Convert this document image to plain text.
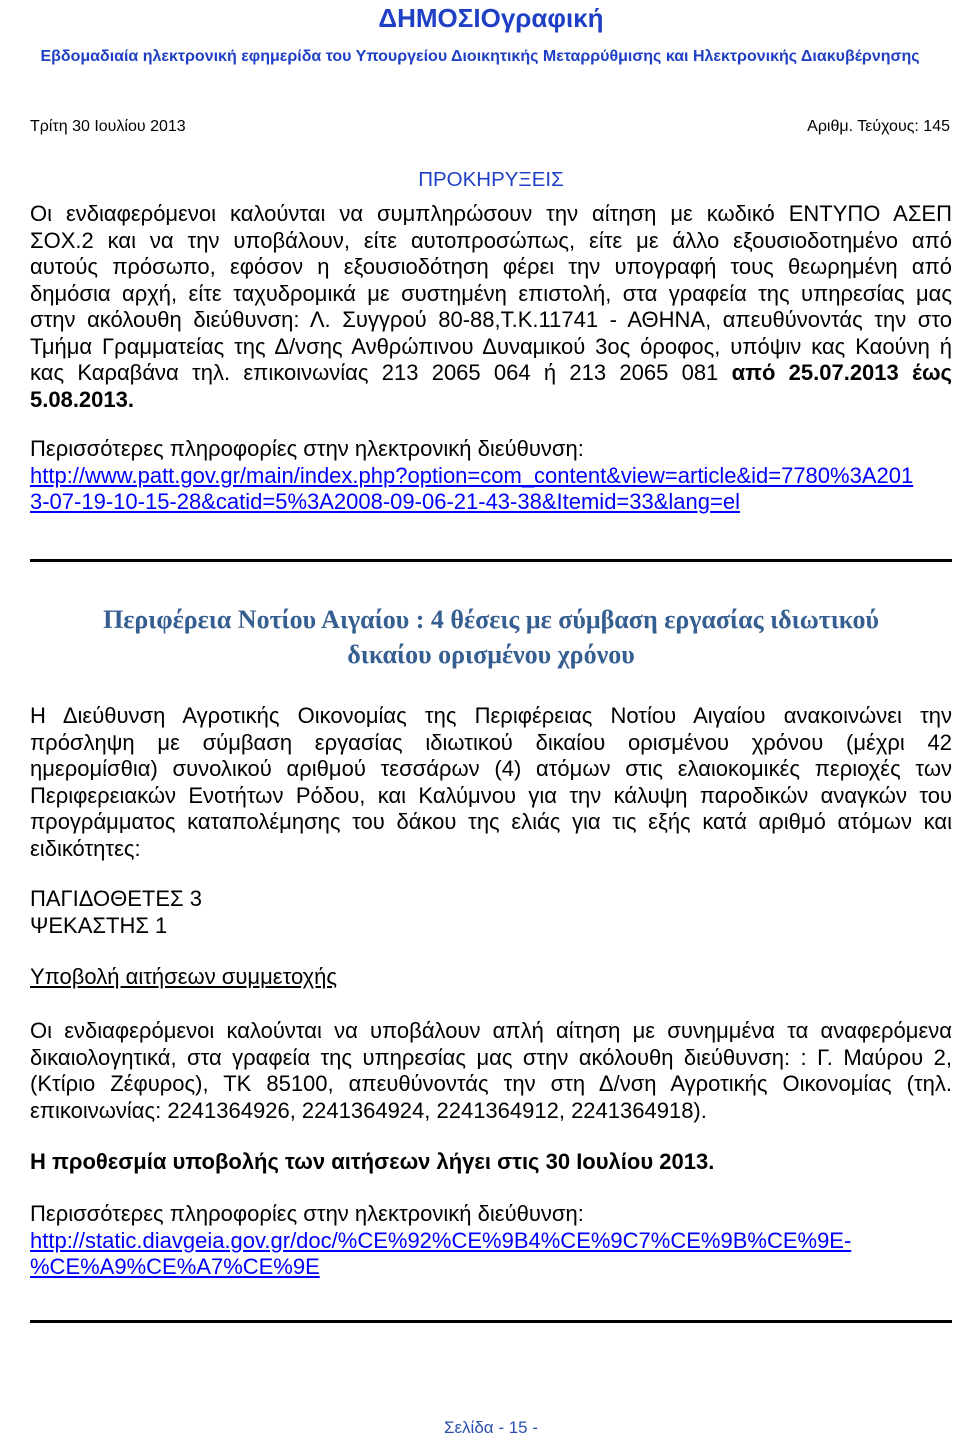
ΔΗΜΟΣΙΟγραφική
Εβδομαδιαία ηλεκτρονική εφημερίδα του Υπουργείου Διοικητικής Μεταρρύθμισης και Ηλεκτρονικής Διακυβέρνησης
Τρίτη 30 Ιουλίου 2013	Αριθμ. Τεύχους: 145
ΠΡΟΚΗΡΥΞΕΙΣ
Οι ενδιαφερόμενοι καλούνται να συμπληρώσουν την αίτηση με κωδικό ΕΝΤΥΠΟ ΑΣΕΠ
ΣΟΧ.2 και να την υποβάλουν, είτε αυτοπροσώπως, είτε με άλλο εξουσιοδοτημένο από
αυτούς πρόσωπο, εφόσον η εξουσιοδότηση φέρει την υπογραφή τους θεωρημένη από
δημόσια αρχή, είτε ταχυδρομικά με συστημένη επιστολή, στα γραφεία της υπηρεσίας μας
στην ακόλουθη διεύθυνση: Λ. Συγγρού 80-88,Τ.Κ.11741 - ΑΘΗΝΑ, απευθύνοντάς την στο
Τμήμα Γραμματείας της Δ/νσης Ανθρώπινου Δυναμικού 3ος όροφος, υπόψιν κας Καούνη ή
κας Καραβάνα τηλ. επικοινωνίας 213 2065 064 ή 213 2065 081 από 25.07.2013 έως
5.08.2013.
Περισσότερες πληροφορίες στην ηλεκτρονική διεύθυνση:
http://www.patt.gov.gr/main/index.php?option=com_content&view=article&id=7780%3A201
3-07-19-10-15-28&catid=5%3A2008-09-06-21-43-38&Itemid=33&lang=el
Περιφέρεια Νοτίου Αιγαίου : 4 θέσεις με σύμβαση εργασίας ιδιωτικού
δικαίου ορισμένου χρόνου
Η Διεύθυνση Αγροτικής Οικονομίας της Περιφέρειας Νοτίου Αιγαίου ανακοινώνει την
πρόσληψη με σύμβαση εργασίας ιδιωτικού δικαίου ορισμένου χρόνου (μέχρι 42
ημερομίσθια) συνολικού αριθμού τεσσάρων (4) ατόμων στις ελαιοκομικές περιοχές των
Περιφερειακών Ενοτήτων Ρόδου, και Καλύμνου για την κάλυψη παροδικών αναγκών του
προγράμματος καταπολέμησης του δάκου της ελιάς για τις εξής κατά αριθμό ατόμων και
ειδικότητες:
ΠΑΓΙΔΟΘΕΤΕΣ 3
ΨΕΚΑΣΤΗΣ 1
Υποβολή αιτήσεων συμμετοχής
Οι ενδιαφερόμενοι καλούνται να υποβάλουν απλή αίτηση με συνημμένα τα αναφερόμενα
δικαιολογητικά, στα γραφεία της υπηρεσίας μας στην ακόλουθη διεύθυνση: : Γ. Μαύρου 2,
(Κτίριο Ζέφυρος), ΤΚ 85100, απευθύνοντάς την στη Δ/νση Αγροτικής Οικονομίας (τηλ.
επικοινωνίας: 2241364926, 2241364924, 2241364912, 2241364918).
Η προθεσμία υποβολής των αιτήσεων λήγει στις 30 Ιουλίου 2013.
Περισσότερες πληροφορίες στην ηλεκτρονική διεύθυνση:
http://static.diavgeia.gov.gr/doc/%CE%92%CE%9B4%CE%9C7%CE%9B%CE%9E-
%CE%A9%CE%A7%CE%9E
Σελίδα - 15 -
